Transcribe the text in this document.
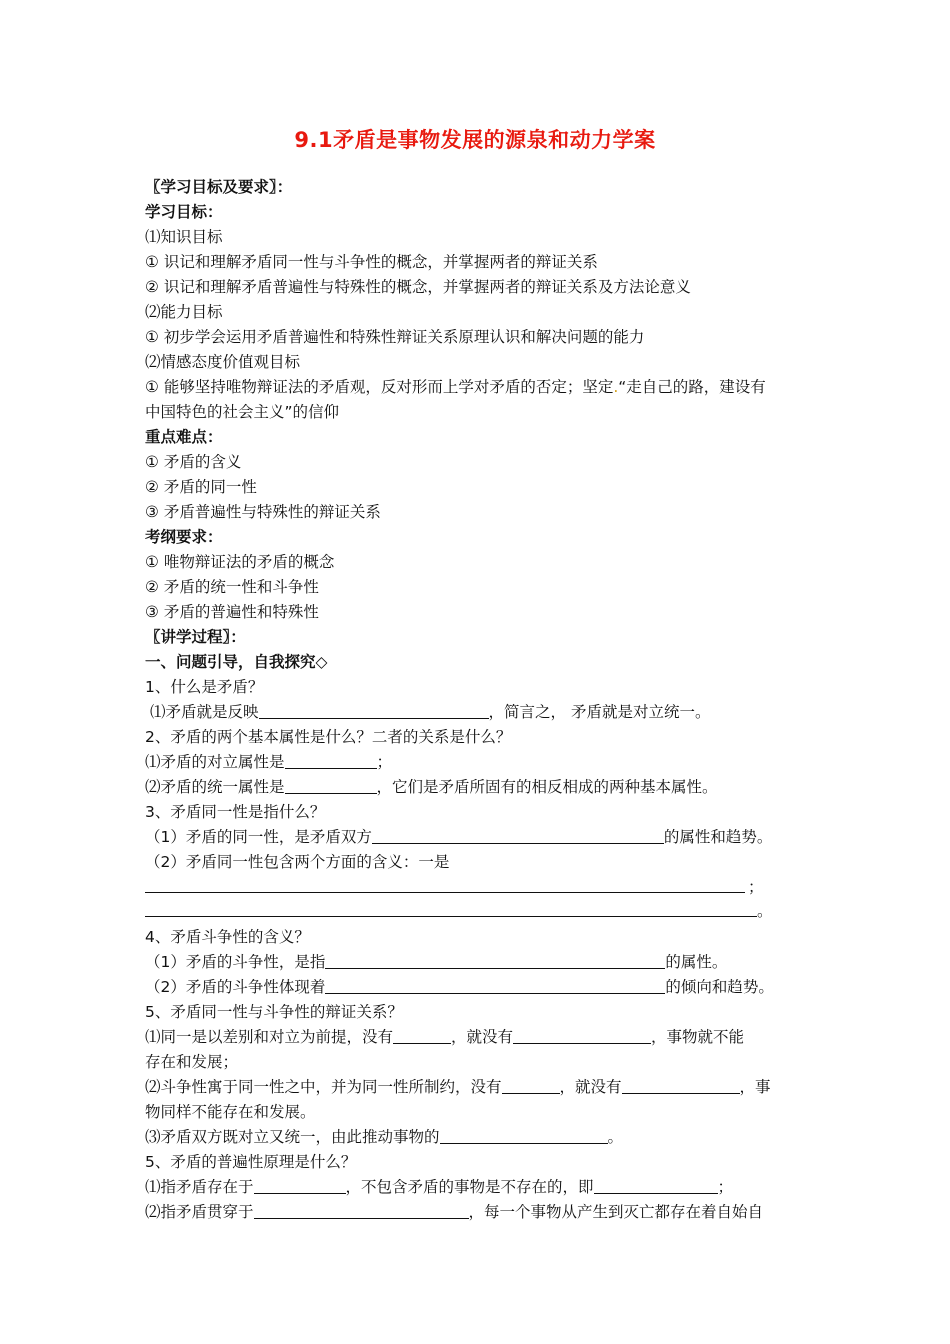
9.1矛盾是事物发展的源泉和动力学案
〖学习目标及要求〗：
学习目标：
⑴知识目标
① 识记和理解矛盾同一性与斗争性的概念，并掌握两者的辩证关系
② 识记和理解矛盾普遍性与特殊性的概念，并掌握两者的辩证关系及方法论意义
⑵能力目标
① 初步学会运用矛盾普遍性和特殊性辩证关系原理认识和解决问题的能力
⑵情感态度价值观目标
① 能够坚持唯物辩证法的矛盾观，反对形而上学对矛盾的否定；坚定.“走自己的路，建设有
中国特色的社会主义”的信仰
重点难点：
① 矛盾的含义
② 矛盾的同一性
③ 矛盾普遍性与特殊性的辩证关系
考纲要求：
① 唯物辩证法的矛盾的概念
② 矛盾的统一性和斗争性
③ 矛盾的普遍性和特殊性
〖讲学过程〗：
一、问题引导，自我探究◇
1、什么是矛盾？
⑴矛盾就是反映	，简言之， 矛盾就是对立统一。
2、矛盾的两个基本属性是什么？二者的关系是什么？
⑴矛盾的对立属性是	；
⑵矛盾的统一属性是	，它们是矛盾所固有的相反相成的两种基本属性。
3、矛盾同一性是指什么？
（1）矛盾的同一性，是矛盾双方	的属性和趋势。
（2）矛盾同一性包含两个方面的含义：一是
；
。
4、矛盾斗争性的含义？
（1）矛盾的斗争性，是指	的属性。
（2）矛盾的斗争性体现着	的倾向和趋势。
5、矛盾同一性与斗争性的辩证关系？
⑴同一是以差别和对立为前提，没有	，就没有	，事物就不能
存在和发展；
⑵斗争性寓于同一性之中，并为同一性所制约，没有	，就没有	，事
物同样不能存在和发展。
⑶矛盾双方既对立又统一，由此推动事物的	。
5、矛盾的普遍性原理是什么？
⑴指矛盾存在于	，不包含矛盾的事物是不存在的，即	；
⑵指矛盾贯穿于	，每一个事物从产生到灭亡都存在着自始自
